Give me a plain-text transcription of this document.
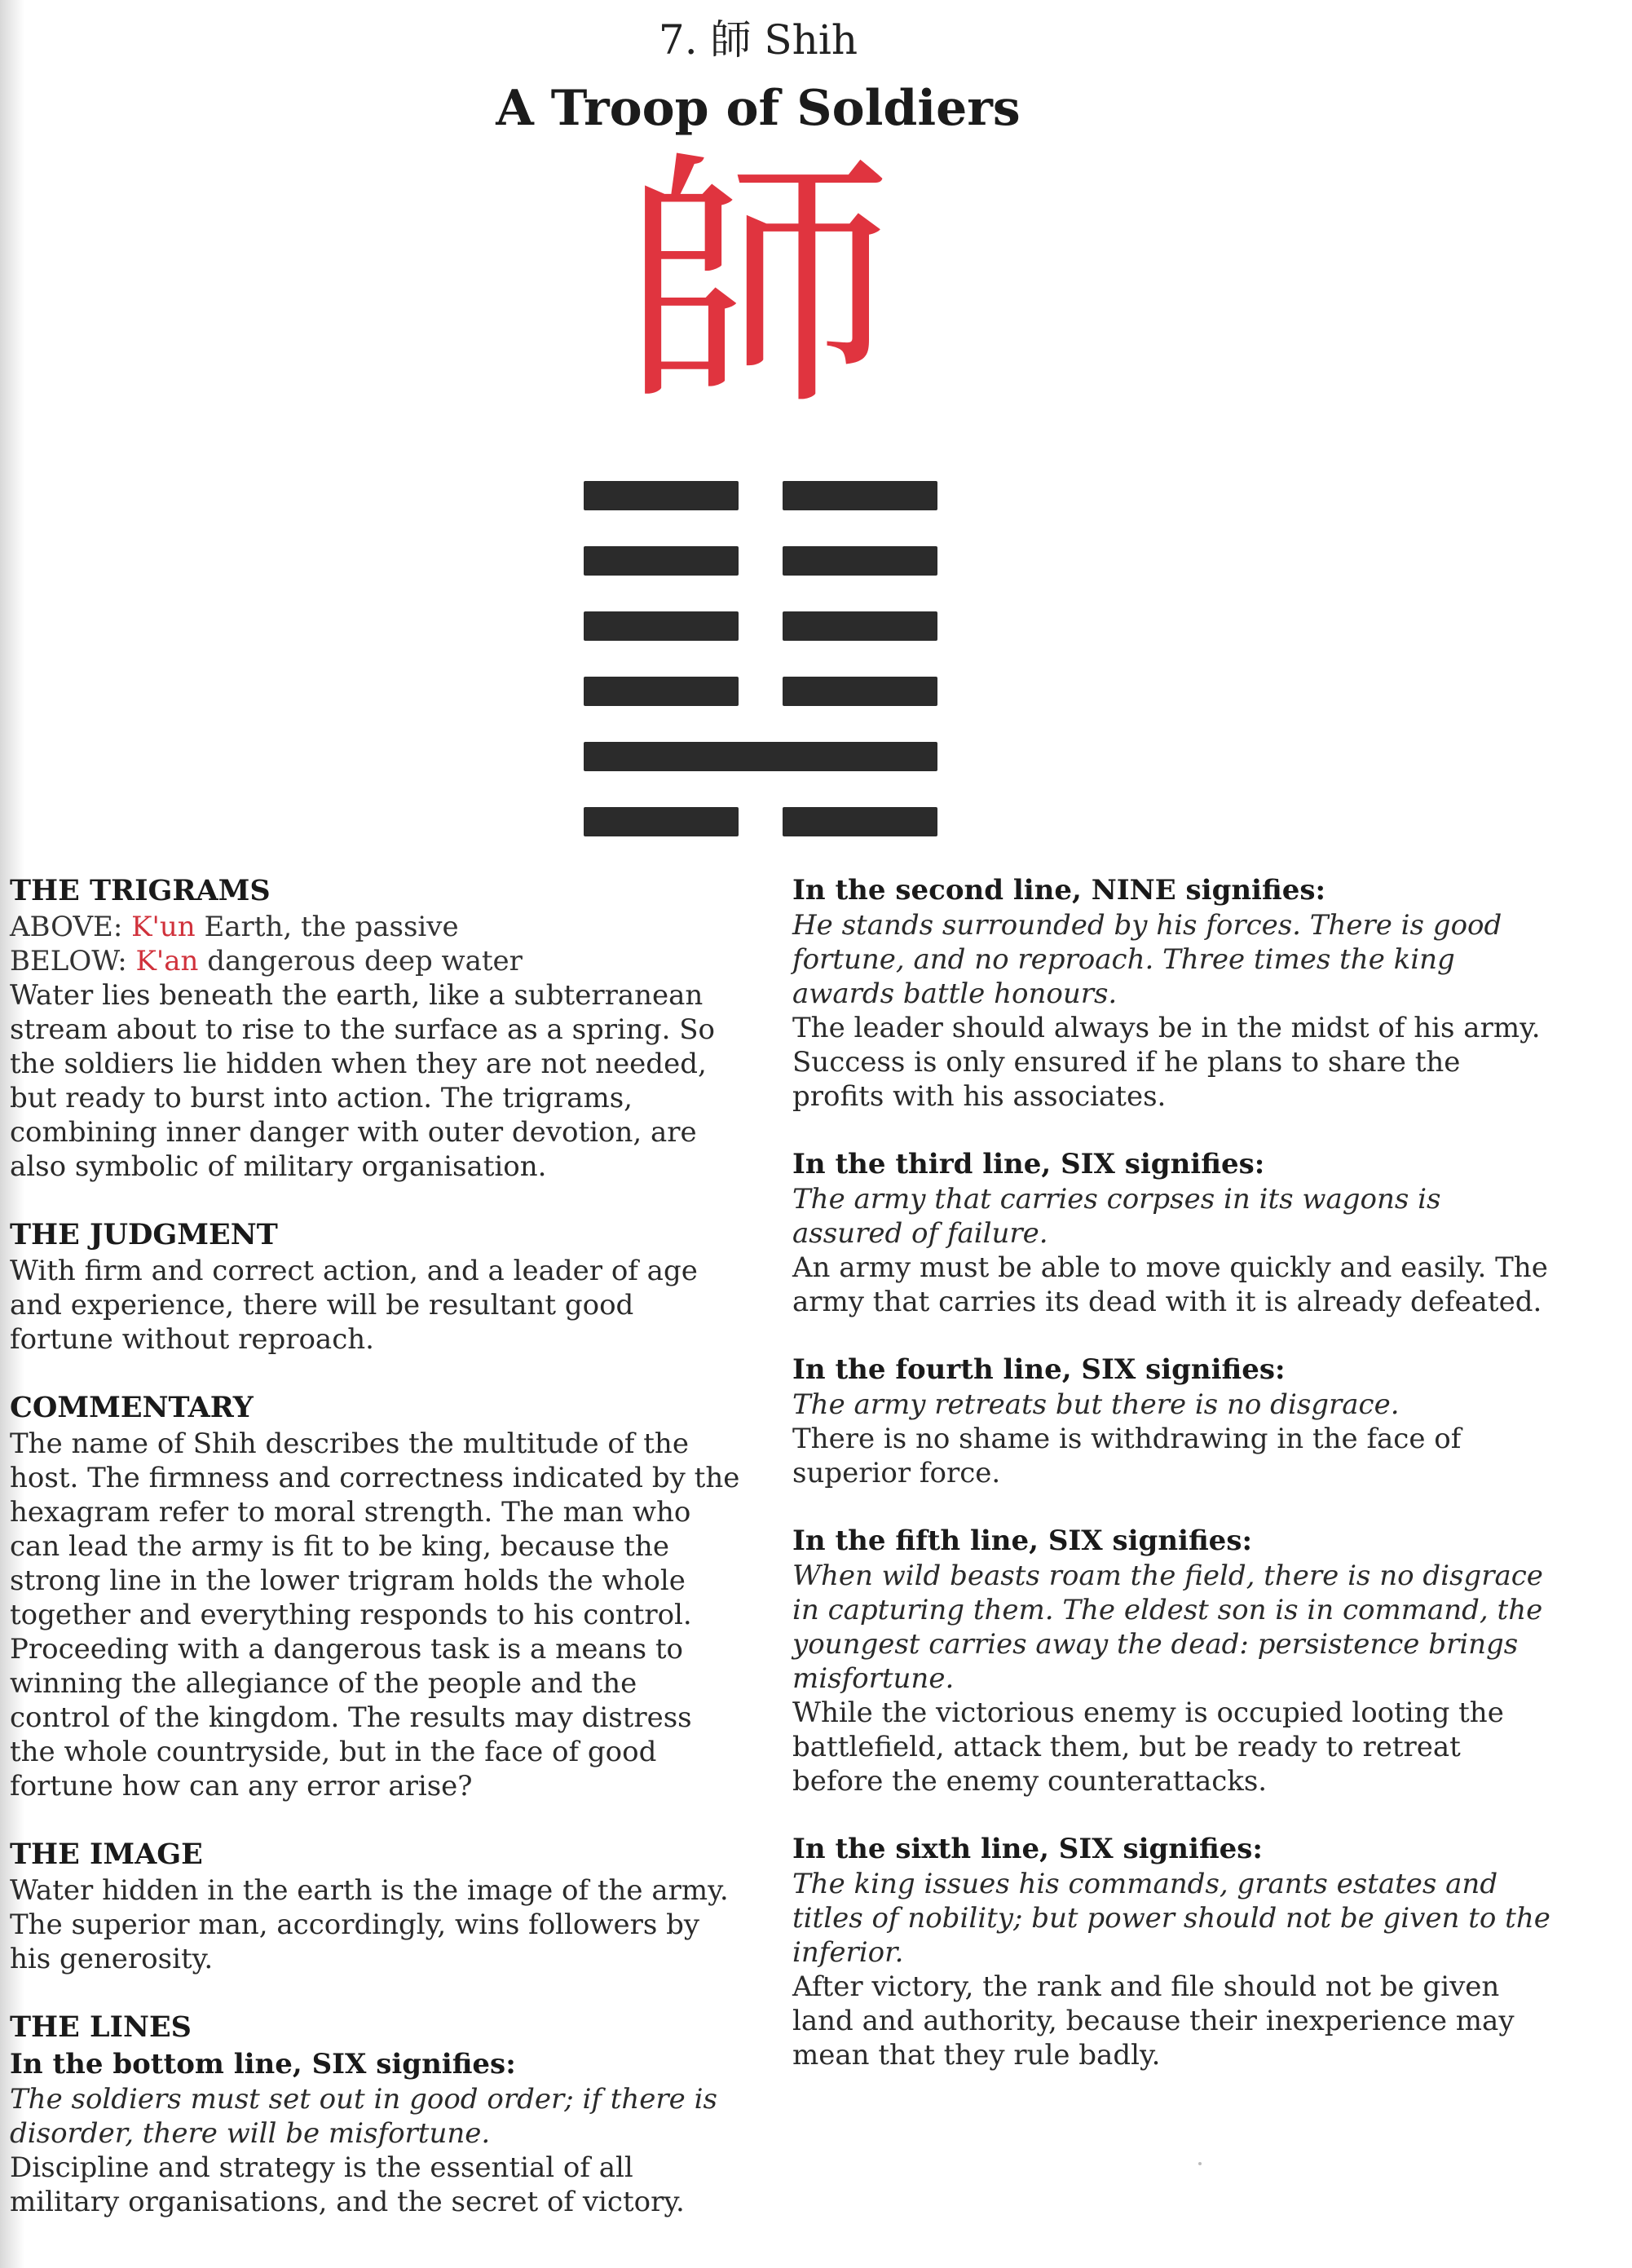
7. 師 Shih
A Troop of Soldiers
師
THE TRIGRAMS
ABOVE: K'un Earth, the passive
BELOW: K'an dangerous deep water
Water lies beneath the earth, like a subterranean stream about to rise to the surface as a spring. So the soldiers lie hidden when they are not needed, but ready to burst into action. The trigrams, combining inner danger with outer devotion, are also symbolic of military organisation.
THE JUDGMENT
With firm and correct action, and a leader of age and experience, there will be resultant good fortune without reproach.
COMMENTARY
The name of Shih describes the multitude of the host. The firmness and correctness indicated by the hexagram refer to moral strength. The man who can lead the army is fit to be king, because the strong line in the lower trigram holds the whole together and everything responds to his control. Proceeding with a dangerous task is a means to winning the allegiance of the people and the control of the kingdom. The results may distress the whole countryside, but in the face of good fortune how can any error arise?
THE IMAGE
Water hidden in the earth is the image of the army. The superior man, accordingly, wins followers by his generosity.
THE LINES
In the bottom line, SIX signifies:
The soldiers must set out in good order; if there is disorder, there will be misfortune.
Discipline and strategy is the essential of all military organisations, and the secret of victory.
In the second line, NINE signifies:
He stands surrounded by his forces. There is good fortune, and no reproach. Three times the king awards battle honours.
The leader should always be in the midst of his army. Success is only ensured if he plans to share the profits with his associates.
In the third line, SIX signifies:
The army that carries corpses in its wagons is assured of failure.
An army must be able to move quickly and easily. The army that carries its dead with it is already defeated.
In the fourth line, SIX signifies:
The army retreats but there is no disgrace.
There is no shame is withdrawing in the face of superior force.
In the fifth line, SIX signifies:
When wild beasts roam the field, there is no disgrace in capturing them. The eldest son is in command, the youngest carries away the dead: persistence brings misfortune.
While the victorious enemy is occupied looting the battlefield, attack them, but be ready to retreat before the enemy counterattacks.
In the sixth line, SIX signifies:
The king issues his commands, grants estates and titles of nobility; but power should not be given to the inferior.
After victory, the rank and file should not be given land and authority, because their inexperience may mean that they rule badly.
